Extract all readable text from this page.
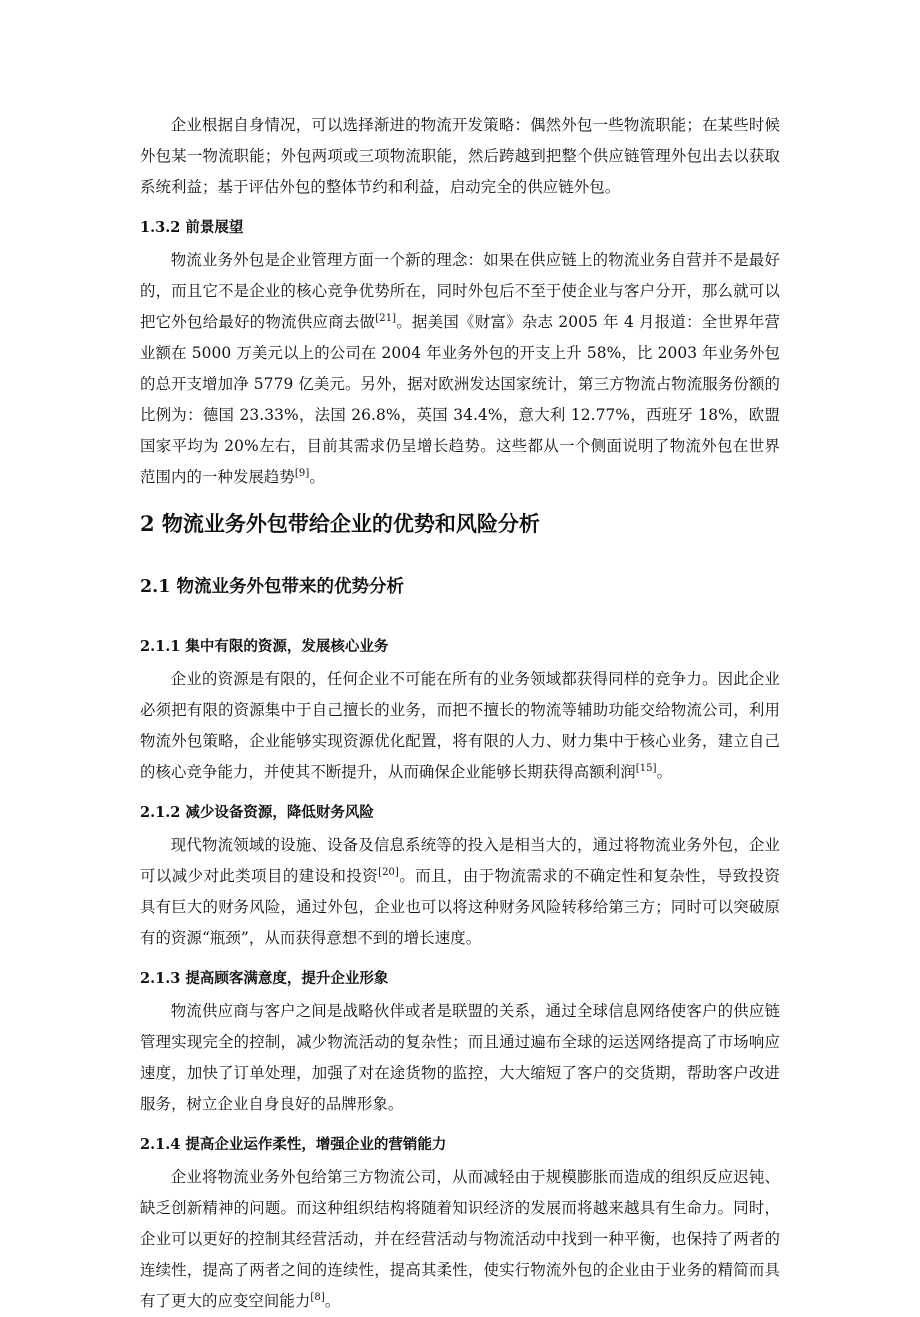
企业根据自身情况，可以选择渐进的物流开发策略：偶然外包一些物流职能；在某些时候外包某一物流职能；外包两项或三项物流职能，然后跨越到把整个供应链管理外包出去以获取系统利益；基于评估外包的整体节约和利益，启动完全的供应链外包。

1.3.2 前景展望

物流业务外包是企业管理方面一个新的理念：如果在供应链上的物流业务自营并不是最好的，而且它不是企业的核心竞争优势所在，同时外包后不至于使企业与客户分开，那么就可以把它外包给最好的物流供应商去做[21]。据美国《财富》杂志 2005 年 4 月报道：全世界年营业额在 5000 万美元以上的公司在 2004 年业务外包的开支上升 58%，比 2003 年业务外包的总开支增加净 5779 亿美元。另外，据对欧洲发达国家统计，第三方物流占物流服务份额的比例为：德国 23.33%，法国 26.8%，英国 34.4%，意大利 12.77%，西班牙 18%，欧盟国家平均为 20%左右，目前其需求仍呈增长趋势。这些都从一个侧面说明了物流外包在世界范围内的一种发展趋势[9]。

2 物流业务外包带给企业的优势和风险分析
2.1 物流业务外包带来的优势分析
2.1.1 集中有限的资源，发展核心业务

企业的资源是有限的，任何企业不可能在所有的业务领域都获得同样的竞争力。因此企业必须把有限的资源集中于自己擅长的业务，而把不擅长的物流等辅助功能交给物流公司，利用物流外包策略，企业能够实现资源优化配置，将有限的人力、财力集中于核心业务，建立自己的核心竞争能力，并使其不断提升，从而确保企业能够长期获得高额利润[15]。

2.1.2 减少设备资源，降低财务风险

现代物流领域的设施、设备及信息系统等的投入是相当大的，通过将物流业务外包，企业可以减少对此类项目的建设和投资[20]。而且，由于物流需求的不确定性和复杂性，导致投资具有巨大的财务风险，通过外包，企业也可以将这种财务风险转移给第三方；同时可以突破原有的资源“瓶颈”，从而获得意想不到的增长速度。

2.1.3 提高顾客满意度，提升企业形象

物流供应商与客户之间是战略伙伴或者是联盟的关系，通过全球信息网络使客户的供应链管理实现完全的控制，减少物流活动的复杂性；而且通过遍布全球的运送网络提高了市场响应速度，加快了订单处理，加强了对在途货物的监控，大大缩短了客户的交货期，帮助客户改进服务，树立企业自身良好的品牌形象。

2.1.4 提高企业运作柔性，增强企业的营销能力

企业将物流业务外包给第三方物流公司，从而减轻由于规模膨胀而造成的组织反应迟钝、缺乏创新精神的问题。而这种组织结构将随着知识经济的发展而将越来越具有生命力。同时，企业可以更好的控制其经营活动，并在经营活动与物流活动中找到一种平衡，也保持了两者的连续性，提高了两者之间的连续性，提高其柔性，使实行物流外包的企业由于业务的精简而具有了更大的应变空间能力[8]。
